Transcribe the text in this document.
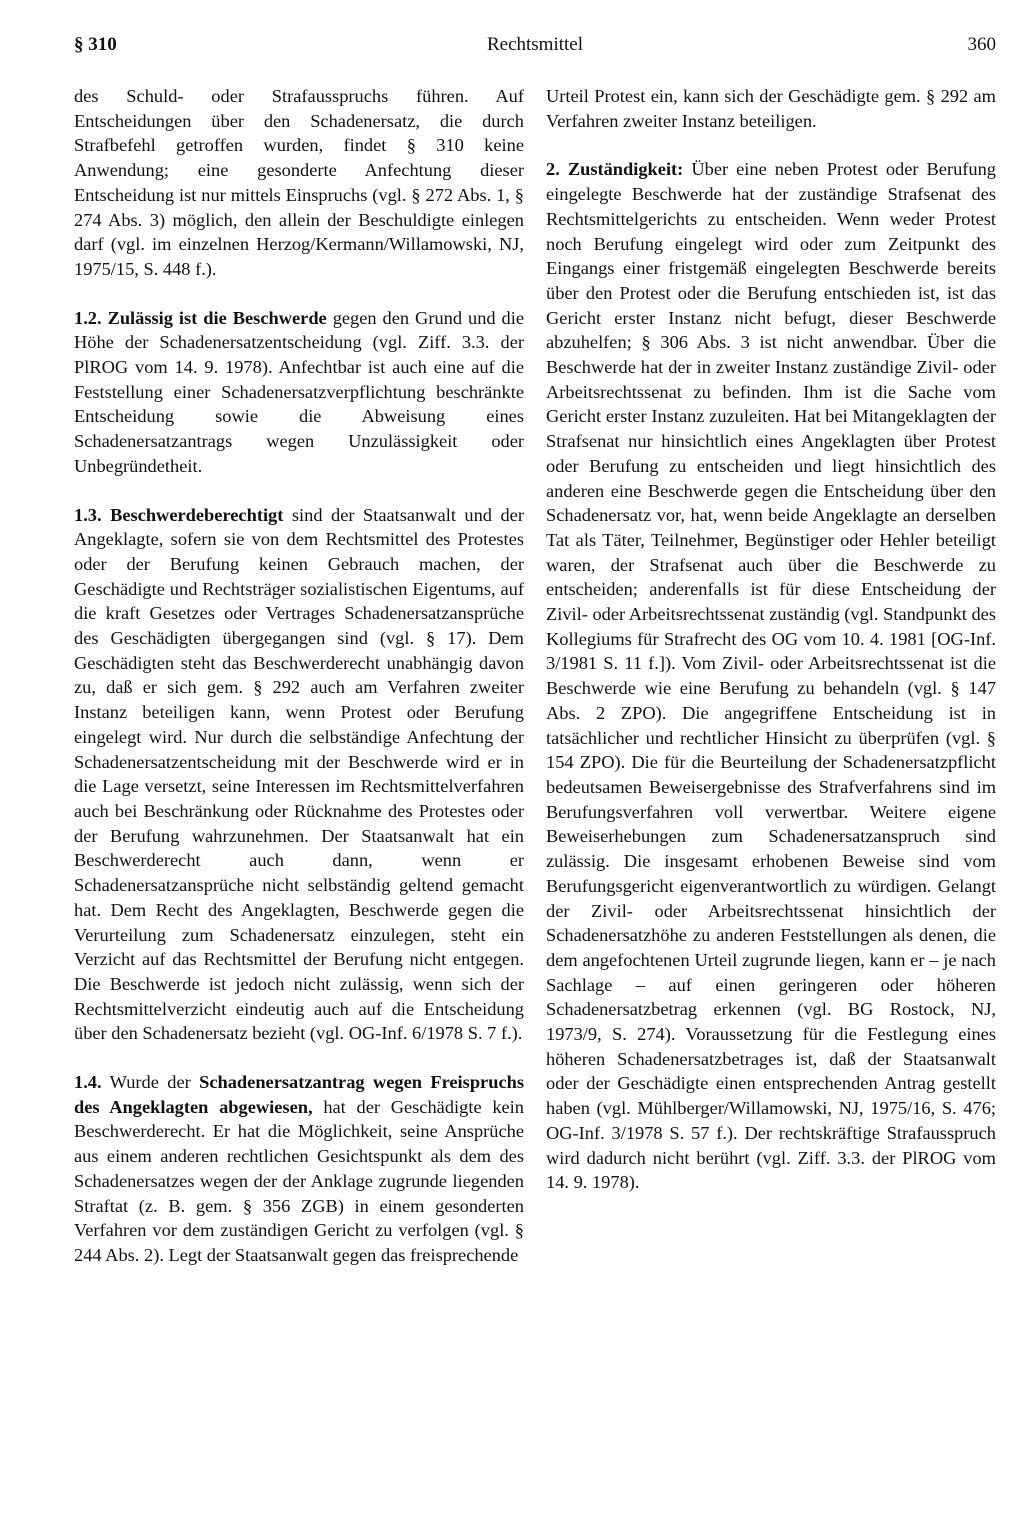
§ 310	Rechtsmittel	360

des Schuld- oder Strafausspruchs führen. Auf Entscheidungen über den Schadenersatz, die durch Strafbefehl getroffen wurden, findet § 310 keine Anwendung; eine gesonderte Anfechtung dieser Entscheidung ist nur mittels Einspruchs (vgl. § 272 Abs. 1, § 274 Abs. 3) möglich, den allein der Beschuldigte einlegen darf (vgl. im einzelnen Herzog/Kermann/Willamowski, NJ, 1975/15, S. 448 f.).

1.2. Zulässig ist die Beschwerde gegen den Grund und die Höhe der Schadenersatzentscheidung (vgl. Ziff. 3.3. der PlROG vom 14. 9. 1978). Anfechtbar ist auch eine auf die Feststellung einer Schadenersatzverpflichtung beschränkte Entscheidung sowie die Abweisung eines Schadenersatzantrags wegen Unzulässigkeit oder Unbegründetheit.

1.3. Beschwerdeberechtigt sind der Staatsanwalt und der Angeklagte, sofern sie von dem Rechtsmittel des Protestes oder der Berufung keinen Gebrauch machen, der Geschädigte und Rechtsträger sozialistischen Eigentums, auf die kraft Gesetzes oder Vertrages Schadenersatzansprüche des Geschädigten übergegangen sind (vgl. § 17). Dem Geschädigten steht das Beschwerderecht unabhängig davon zu, daß er sich gem. § 292 auch am Verfahren zweiter Instanz beteiligen kann, wenn Protest oder Berufung eingelegt wird. Nur durch die selbständige Anfechtung der Schadenersatzentscheidung mit der Beschwerde wird er in die Lage versetzt, seine Interessen im Rechtsmittelverfahren auch bei Beschränkung oder Rücknahme des Protestes oder der Berufung wahrzunehmen. Der Staatsanwalt hat ein Beschwerderecht auch dann, wenn er Schadenersatzansprüche nicht selbständig geltend gemacht hat. Dem Recht des Angeklagten, Beschwerde gegen die Verurteilung zum Schadenersatz einzulegen, steht ein Verzicht auf das Rechtsmittel der Berufung nicht entgegen. Die Beschwerde ist jedoch nicht zulässig, wenn sich der Rechtsmittelverzicht eindeutig auch auf die Entscheidung über den Schadenersatz bezieht (vgl. OG-Inf. 6/1978 S. 7 f.).

1.4. Wurde der Schadenersatzantrag wegen Freispruchs des Angeklagten abgewiesen, hat der Geschädigte kein Beschwerderecht. Er hat die Möglichkeit, seine Ansprüche aus einem anderen rechtlichen Gesichtspunkt als dem des Schadenersatzes wegen der der Anklage zugrunde liegenden Straftat (z. B. gem. § 356 ZGB) in einem gesonderten Verfahren vor dem zuständigen Gericht zu verfolgen (vgl. § 244 Abs. 2). Legt der Staatsanwalt gegen das freisprechende

Urteil Protest ein, kann sich der Geschädigte gem. § 292 am Verfahren zweiter Instanz beteiligen.

2. Zuständigkeit: Über eine neben Protest oder Berufung eingelegte Beschwerde hat der zuständige Strafsenat des Rechtsmittelgerichts zu entscheiden. Wenn weder Protest noch Berufung eingelegt wird oder zum Zeitpunkt des Eingangs einer fristgemäß eingelegten Beschwerde bereits über den Protest oder die Berufung entschieden ist, ist das Gericht erster Instanz nicht befugt, dieser Beschwerde abzuhelfen; § 306 Abs. 3 ist nicht anwendbar. Über die Beschwerde hat der in zweiter Instanz zuständige Zivil- oder Arbeitsrechtssenat zu befinden. Ihm ist die Sache vom Gericht erster Instanz zuzuleiten. Hat bei Mitangeklagten der Strafsenat nur hinsichtlich eines Angeklagten über Protest oder Berufung zu entscheiden und liegt hinsichtlich des anderen eine Beschwerde gegen die Entscheidung über den Schadenersatz vor, hat, wenn beide Angeklagte an derselben Tat als Täter, Teilnehmer, Begünstiger oder Hehler beteiligt waren, der Strafsenat auch über die Beschwerde zu entscheiden; anderenfalls ist für diese Entscheidung der Zivil- oder Arbeitsrechtssenat zuständig (vgl. Standpunkt des Kollegiums für Strafrecht des OG vom 10. 4. 1981 [OG-Inf. 3/1981 S. 11 f.]). Vom Zivil- oder Arbeitsrechtssenat ist die Beschwerde wie eine Berufung zu behandeln (vgl. § 147 Abs. 2 ZPO). Die angegriffene Entscheidung ist in tatsächlicher und rechtlicher Hinsicht zu überprüfen (vgl. § 154 ZPO). Die für die Beurteilung der Schadenersatzpflicht bedeutsamen Beweisergebnisse des Strafverfahrens sind im Berufungsverfahren voll verwertbar. Weitere eigene Beweiserhebungen zum Schadenersatzanspruch sind zulässig. Die insgesamt erhobenen Beweise sind vom Berufungsgericht eigenverantwortlich zu würdigen. Gelangt der Zivil- oder Arbeitsrechtssenat hinsichtlich der Schadenersatzhöhe zu anderen Feststellungen als denen, die dem angefochtenen Urteil zugrunde liegen, kann er – je nach Sachlage – auf einen geringeren oder höheren Schadenersatzbetrag erkennen (vgl. BG Rostock, NJ, 1973/9, S. 274). Voraussetzung für die Festlegung eines höheren Schadenersatzbetrages ist, daß der Staatsanwalt oder der Geschädigte einen entsprechenden Antrag gestellt haben (vgl. Mühlberger/Willamowski, NJ, 1975/16, S. 476; OG-Inf. 3/1978 S. 57 f.). Der rechtskräftige Strafausspruch wird dadurch nicht berührt (vgl. Ziff. 3.3. der PlROG vom 14. 9. 1978).
